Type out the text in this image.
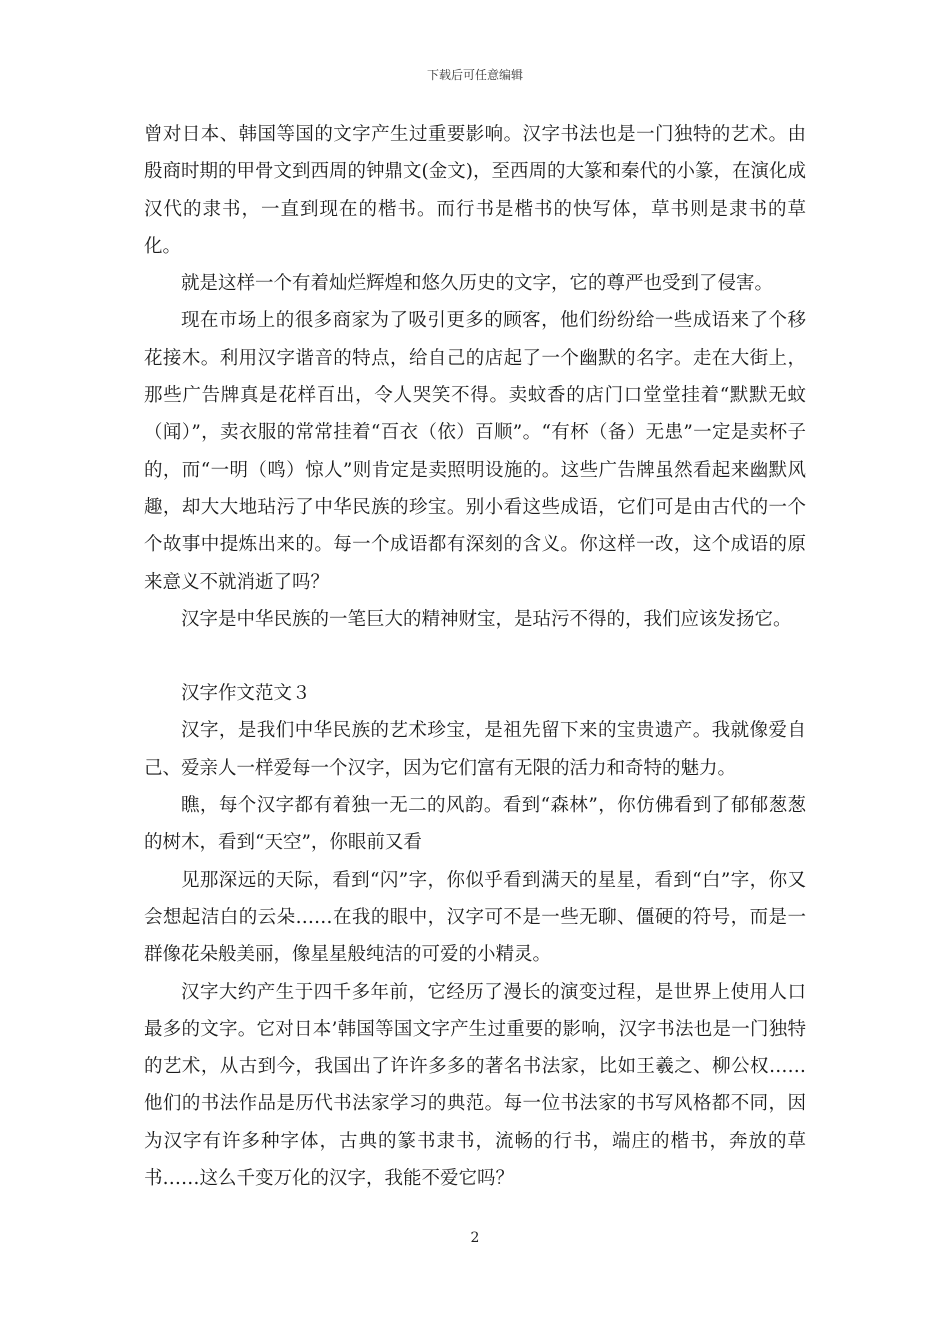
下载后可任意编辑

曾对日本、韩国等国的文字产生过重要影响。汉字书法也是一门独特的艺术。由殷商时期的甲骨文到西周的钟鼎文(金文)，至西周的大篆和秦代的小篆，在演化成汉代的隶书，一直到现在的楷书。而行书是楷书的快写体，草书则是隶书的草化。

就是这样一个有着灿烂辉煌和悠久历史的文字，它的尊严也受到了侵害。

现在市场上的很多商家为了吸引更多的顾客，他们纷纷给一些成语来了个移花接木。利用汉字谐音的特点，给自己的店起了一个幽默的名字。走在大街上，那些广告牌真是花样百出，令人哭笑不得。卖蚊香的店门口堂堂挂着“默默无蚊（闻）”，卖衣服的常常挂着“百衣（依）百顺”。“有杯（备）无患”一定是卖杯子的，而“一明（鸣）惊人”则肯定是卖照明设施的。这些广告牌虽然看起来幽默风趣，却大大地玷污了中华民族的珍宝。别小看这些成语，它们可是由古代的一个个故事中提炼出来的。每一个成语都有深刻的含义。你这样一改，这个成语的原来意义不就消逝了吗？

汉字是中华民族的一笔巨大的精神财宝，是玷污不得的，我们应该发扬它。

汉字作文范文３

汉字，是我们中华民族的艺术珍宝，是祖先留下来的宝贵遗产。我就像爱自己、爱亲人一样爱每一个汉字，因为它们富有无限的活力和奇特的魅力。

瞧，每个汉字都有着独一无二的风韵。看到“森林”，你仿佛看到了郁郁葱葱的树木，看到“天空”，你眼前又看

见那深远的天际，看到“闪”字，你似乎看到满天的星星，看到“白”字，你又会想起洁白的云朵……在我的眼中，汉字可不是一些无聊、僵硬的符号，而是一群像花朵般美丽，像星星般纯洁的可爱的小精灵。

汉字大约产生于四千多年前，它经历了漫长的演变过程，是世界上使用人口最多的文字。它对日本’韩国等国文字产生过重要的影响，汉字书法也是一门独特的艺术，从古到今，我国出了许许多多的著名书法家，比如王羲之、柳公权……他们的书法作品是历代书法家学习的典范。每一位书法家的书写风格都不同，因为汉字有许多种字体，古典的篆书隶书，流畅的行书，端庄的楷书，奔放的草书……这么千变万化的汉字，我能不爱它吗？

2
